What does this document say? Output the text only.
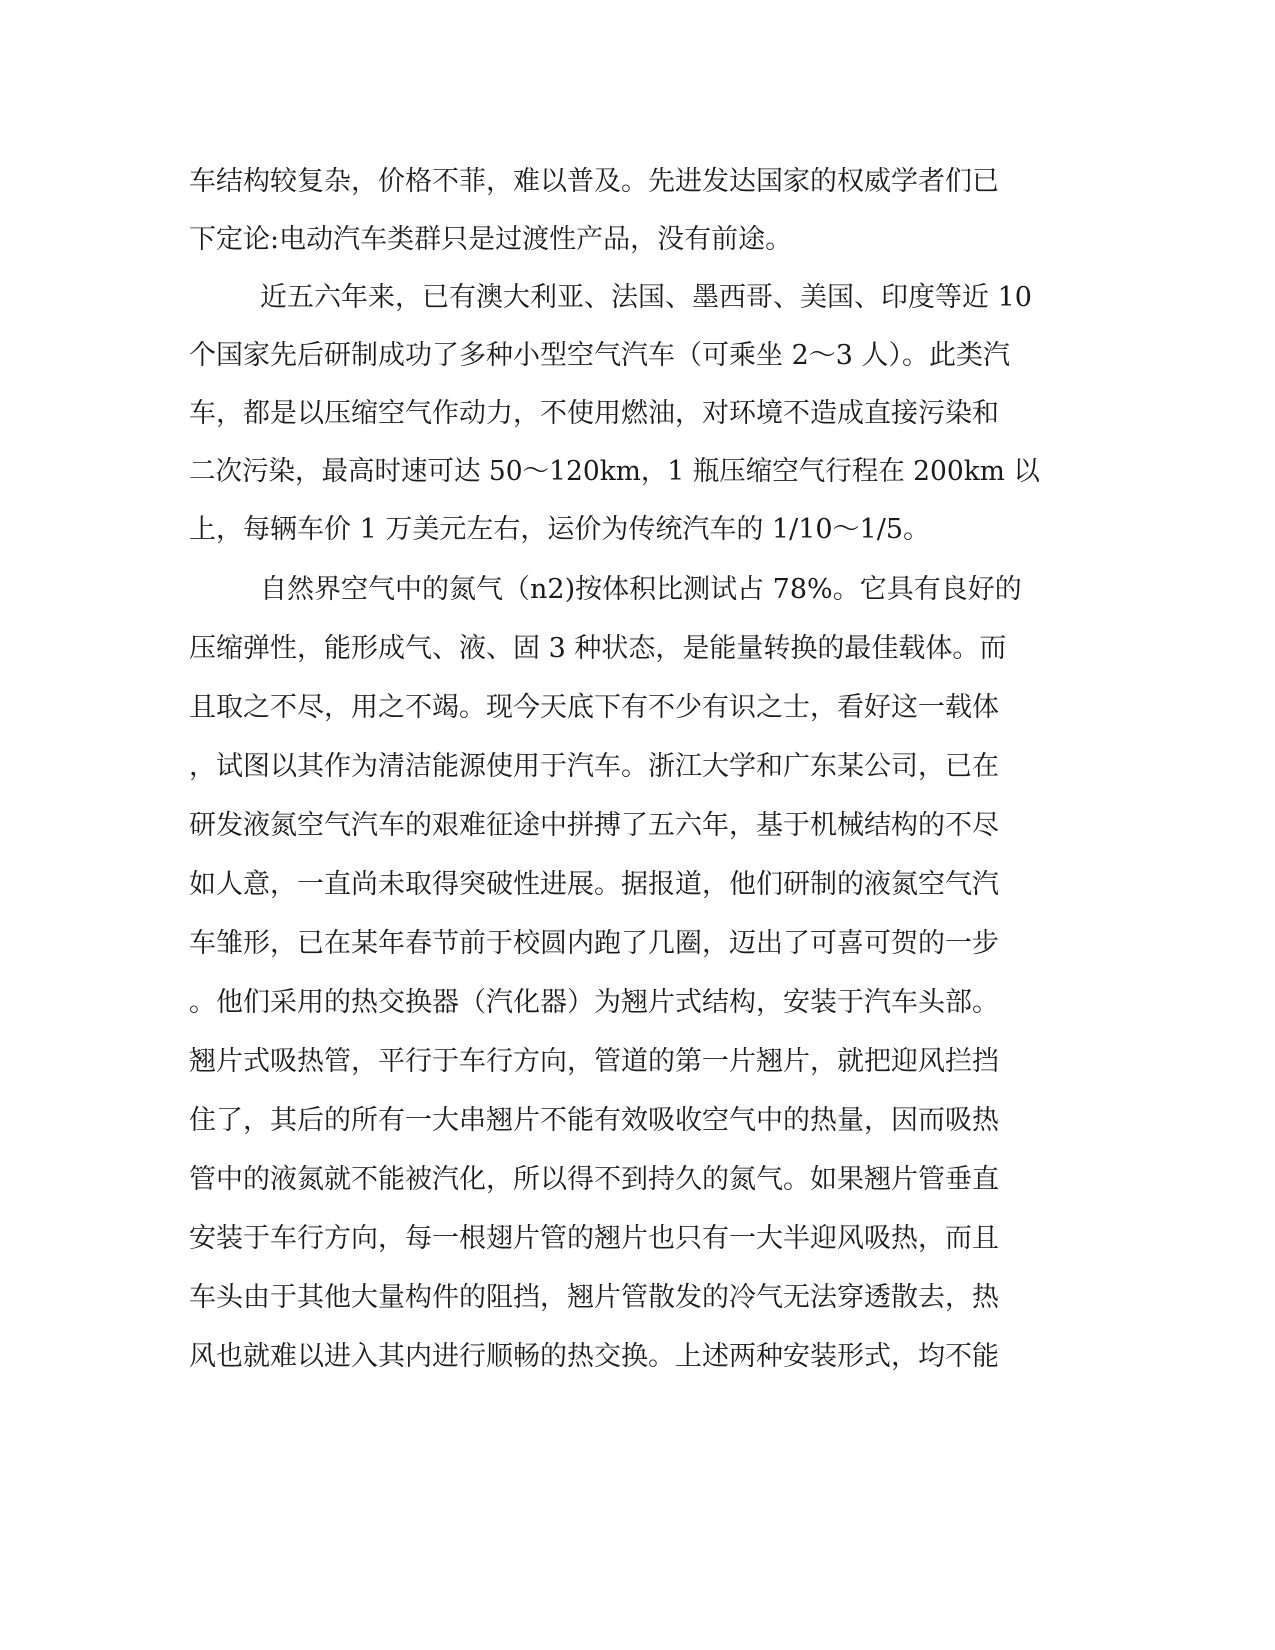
车结构较复杂，价格不菲，难以普及。先进发达国家的权威学者们已

下定论:电动汽车类群只是过渡性产品，没有前途。

近五六年来，已有澳大利亚、法国、墨西哥、美国、印度等近 10

个国家先后研制成功了多种小型空气汽车（可乘坐 2～3 人）。此类汽

车，都是以压缩空气作动力，不使用燃油，对环境不造成直接污染和

二次污染，最高时速可达 50～120km，1 瓶压缩空气行程在 200km 以

上，每辆车价 1 万美元左右，运价为传统汽车的 1/10～1/5。

自然界空气中的氮气（n2)按体积比测试占 78%。它具有良好的

压缩弹性，能形成气、液、固 3 种状态，是能量转换的最佳载体。而

且取之不尽，用之不竭。现今天底下有不少有识之士，看好这一载体

，试图以其作为清洁能源使用于汽车。浙江大学和广东某公司，已在

研发液氮空气汽车的艰难征途中拼搏了五六年，基于机械结构的不尽

如人意，一直尚未取得突破性进展。据报道，他们研制的液氮空气汽

车雏形，已在某年春节前于校圆内跑了几圈，迈出了可喜可贺的一步

。他们采用的热交换器（汽化器）为翘片式结构，安装于汽车头部。

翘片式吸热管，平行于车行方向，管道的第一片翘片，就把迎风拦挡

住了，其后的所有一大串翘片不能有效吸收空气中的热量，因而吸热

管中的液氮就不能被汽化，所以得不到持久的氮气。如果翘片管垂直

安装于车行方向，每一根翅片管的翘片也只有一大半迎风吸热，而且

车头由于其他大量构件的阻挡，翘片管散发的冷气无法穿透散去，热

风也就难以进入其内进行顺畅的热交换。上述两种安装形式，均不能
